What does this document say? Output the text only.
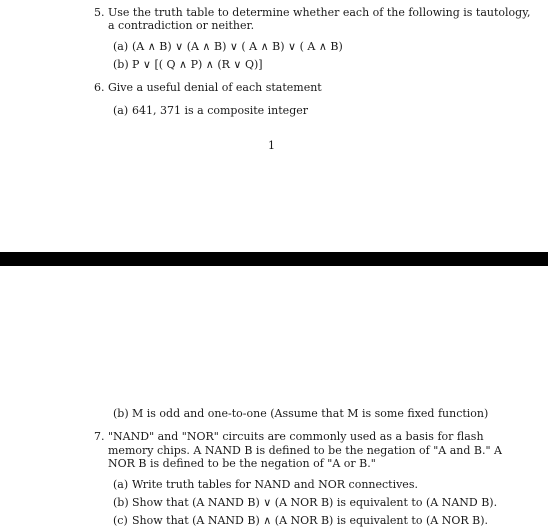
5. Use the truth table to determine whether each of the following is tautology,
a contradiction or neither.
(a) (A ∧ B) ∨ (A ∧ B) ∨ ( A ∧ B) ∨ ( A ∧ B)
(b) P ∨ [( Q ∧ P) ∧ (R ∨ Q)]
6. Give a useful denial of each statement
(a) 641, 371 is a composite integer
1
(b) M is odd and one-to-one (Assume that M is some fixed function)
7. "NAND" and "NOR" circuits are commonly used as a basis for flash
memory chips. A NAND B is defined to be the negation of "A and B." A
NOR B is defined to be the negation of "A or B."
(a) Write truth tables for NAND and NOR connectives.
(b) Show that (A NAND B) ∨ (A NOR B) is equivalent to (A NAND B).
(c) Show that (A NAND B) ∧ (A NOR B) is equivalent to (A NOR B).
